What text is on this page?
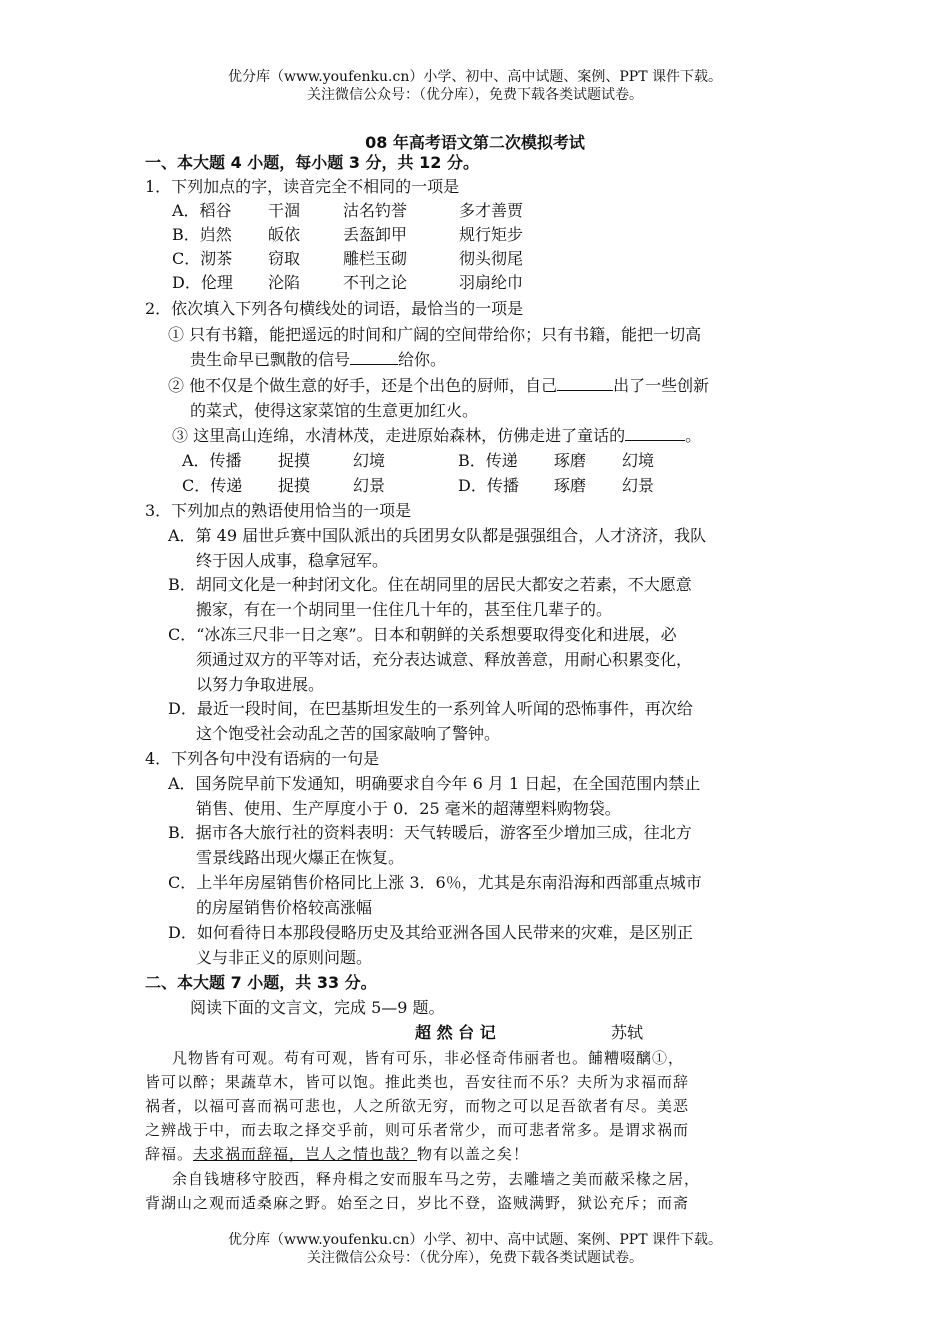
优分库（www.youfenku.cn）小学、初中、高中试题、案例、PPT 课件下载。
关注微信公众号：（优分库），免费下载各类试题试卷。
08 年高考语文第二次模拟考试
一、本大题 4 小题，每小题 3 分，共 12 分。
1．下列加点的字，读音完全不相同的一项是
A．稻谷 干涸	沽名钓誉	多才善贾
B．岿然 皈依	丢盔卸甲	规行矩步
C．沏茶 窃取	雕栏玉砌	彻头彻尾
D．伦理 沦陷	不刊之论	羽扇纶巾
2．依次填入下列各句横线处的词语，最恰当的一项是
① 只有书籍，能把遥远的时间和广阔的空间带给你；只有书籍，能把一切高
贵生命早已飘散的信号	给你。
② 他不仅是个做生意的好手，还是个出色的厨师，自己	出了一些创新
的菜式，使得这家菜馆的生意更加红火。
③ 这里高山连绵，水清林茂，走进原始森林，仿佛走进了童话的	。
A．传播 捉摸	幻境	B．传递 琢磨 幻境
C．传递 捉摸	幻景	D．传播 琢磨 幻景
3．下列加点的熟语使用恰当的一项是
A．第 49 届世乒赛中国队派出的兵团男女队都是强强组合，人才济济，我队
终于因人成事，稳拿冠军。
B．胡同文化是一种封闭文化。住在胡同里的居民大都安之若素，不大愿意
搬家，有在一个胡同里一住住几十年的，甚至住几辈子的。
C．“冰冻三尺非一日之寒”。日本和朝鲜的关系想要取得变化和进展，必
须通过双方的平等对话，充分表达诚意、释放善意，用耐心积累变化，
以努力争取进展。
D．最近一段时间，在巴基斯坦发生的一系列耸人听闻的恐怖事件，再次给
这个饱受社会动乱之苦的国家敲响了警钟。
4．下列各句中没有语病的一句是
A．国务院早前下发通知，明确要求自今年 6 月 1 日起，在全国范围内禁止
销售、使用、生产厚度小于 0．25 毫米的超薄塑料购物袋。
B．据市各大旅行社的资料表明：天气转暖后，游客至少增加三成，往北方
雪景线路出现火爆正在恢复。
C．上半年房屋销售价格同比上涨 3．6％，尤其是东南沿海和西部重点城市
的房屋销售价格较高涨幅
D．如何看待日本那段侵略历史及其给亚洲各国人民带来的灾难，是区别正
义与非正义的原则问题。
二、本大题 7 小题，共 33 分。
阅读下面的文言文，完成 5—9 题。
超 然 台 记	苏轼
凡物皆有可观。苟有可观，皆有可乐，非必怪奇伟丽者也。餔糟啜醨①，
皆可以醉；果蔬草木，皆可以饱。推此类也，吾安往而不乐？夫所为求福而辞
祸者，以福可喜而祸可悲也，人之所欲无穷，而物之可以足吾欲者有尽。美恶
之辨战于中，而去取之择交乎前，则可乐者常少，而可悲者常多。是谓求祸而
辞福。夫求祸而辞福，岂人之情也哉？物有以盖之矣！
余自钱塘移守胶西，释舟楫之安而服车马之劳，去雕墙之美而蔽采椽之居，
背湖山之观而适桑麻之野。始至之日，岁比不登，盗贼满野，狱讼充斥；而斋
优分库（www.youfenku.cn）小学、初中、高中试题、案例、PPT 课件下载。
关注微信公众号：（优分库），免费下载各类试题试卷。
